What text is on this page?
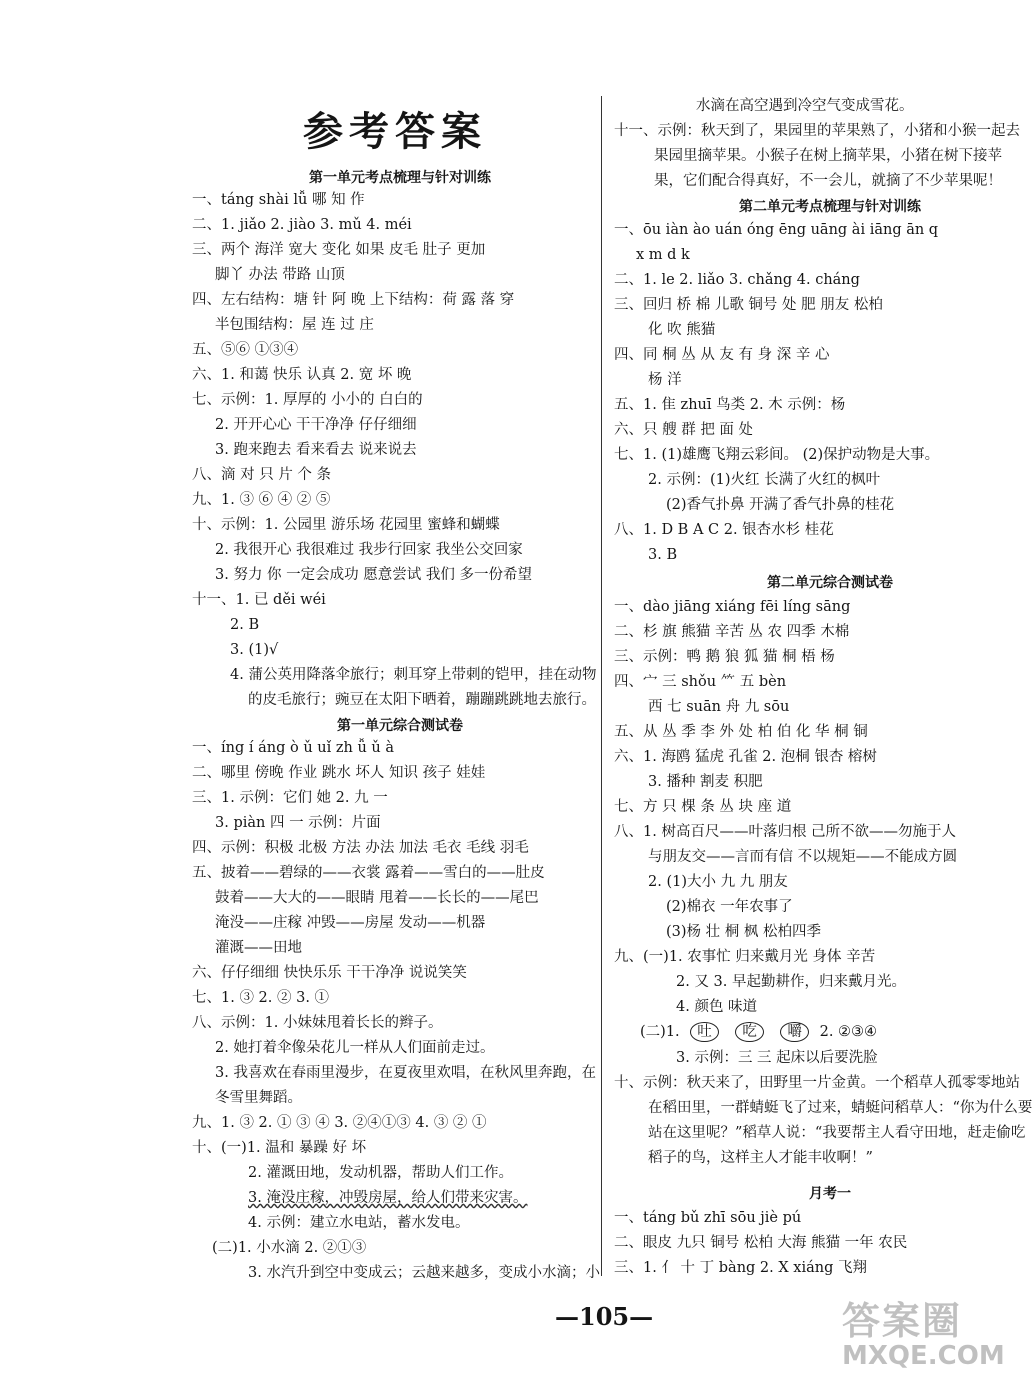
参考答案
第一单元考点梳理与针对训练
一、táng shài lǚ 哪 知 作
二、1. jiǎo 2. jiào 3. mǔ 4. méi
三、两个 海洋 宽大 变化 如果 皮毛 肚子 更加
脚丫 办法 带路 山顶
四、左右结构：塘 针 阿 晚 上下结构：荷 露 落 穿
半包围结构：屋 连 过 庄
五、⑤⑥ ①③④
六、1. 和蔼 快乐 认真 2. 宽 坏 晚
七、示例：1. 厚厚的 小小的 白白的
2. 开开心心 干干净净 仔仔细细
3. 跑来跑去 看来看去 说来说去
八、滴 对 只 片 个 条
九、1. ③ ⑥ ④ ② ⑤
十、示例：1. 公园里 游乐场 花园里 蜜蜂和蝴蝶
2. 我很开心 我很难过 我步行回家 我坐公交回家
3. 努力 你 一定会成功 愿意尝试 我们 多一份希望
十一、1. 已 děi wéi
2. B
3. (1)√
4. 蒲公英用降落伞旅行；刺耳穿上带刺的铠甲，挂在动物
的皮毛旅行；豌豆在太阳下晒着，蹦蹦跳跳地去旅行。
第一单元综合测试卷
一、íng í áng ò ǔ uǐ zh ǚ ǔ à
二、哪里 傍晚 作业 跳水 坏人 知识 孩子 娃娃
三、1. 示例：它们 她 2. 九 一
3. piàn 四 一 示例：片面
四、示例：积极 北极 方法 办法 加法 毛衣 毛线 羽毛
五、披着——碧绿的——衣裳 露着——雪白的——肚皮
鼓着——大大的——眼睛 甩着——长长的——尾巴
淹没——庄稼 冲毁——房屋 发动——机器
灌溉——田地
六、仔仔细细 快快乐乐 干干净净 说说笑笑
七、1. ③ 2. ② 3. ①
八、示例：1. 小妹妹甩着长长的辫子。
2. 她打着伞像朵花儿一样从人们面前走过。
3. 我喜欢在春雨里漫步，在夏夜里欢唱，在秋风里奔跑，在
冬雪里舞蹈。
九、1. ③ 2. ① ③ ④ 3. ②④①③ 4. ③ ② ①
十、(一)1. 温和 暴躁 好 坏
2. 灌溉田地，发动机器，帮助人们工作。
3. 淹没庄稼，冲毁房屋，给人们带来灾害。
4. 示例：建立水电站，蓄水发电。
(二)1. 小水滴 2. ②①③
3. 水汽升到空中变成云；云越来越多，变成小水滴；小
水滴在高空遇到冷空气变成雪花。
十一、示例：秋天到了，果园里的苹果熟了，小猪和小猴一起去
果园里摘苹果。小猴子在树上摘苹果，小猪在树下接苹
果，它们配合得真好，不一会儿，就摘了不少苹果呢！
第二单元考点梳理与针对训练
一、ōu iàn ào uán óng ēng uāng ài iāng ān q
x m d k
二、1. le 2. liǎo 3. chǎng 4. cháng
三、回归 桥 棉 儿歌 铜号 处 肥 朋友 松柏
化 吹 熊猫
四、同 桐 丛 从 友 有 身 深 辛 心
杨 洋
五、1. 隹 zhuī 鸟类 2. 木 示例：杨
六、只 艘 群 把 面 处
七、1. (1)雄鹰飞翔云彩间。 (2)保护动物是大事。
2. 示例：(1)火红 长满了火红的枫叶
(2)香气扑鼻 开满了香气扑鼻的桂花
八、1. D B A C 2. 银杏水杉 桂花
3. B
第二单元综合测试卷
一、dào jiāng xiáng fēi líng sāng
二、杉 旗 熊猫 辛苦 丛 农 四季 木棉
三、示例：鸭 鹅 狼 狐 猫 桐 梧 杨
四、宀 三 shǒu ⺮ 五 bèn
西 七 suān 舟 九 sōu
五、从 丛 季 李 外 处 柏 伯 化 华 桐 铜
六、1. 海鸥 猛虎 孔雀 2. 泡桐 银杏 榕树
3. 播种 割麦 积肥
七、方 只 棵 条 丛 块 座 道
八、1. 树高百尺——叶落归根 己所不欲——勿施于人
与朋友交——言而有信 不以规矩——不能成方圆
2. (1)大小 九 九 朋友
(2)棉衣 一年农事了
(3)杨 壮 桐 枫 松柏四季
九、(一)1. 农事忙 归来戴月光 身体 辛苦
2. 又 3. 早起勤耕作，归来戴月光。
4. 颜色 味道
(二)1. 吐 吃 嚼 2. ②③④
3. 示例：三 三 起床以后要洗脸
十、示例：秋天来了，田野里一片金黄。一个稻草人孤零零地站
在稻田里，一群蜻蜓飞了过来，蜻蜓问稻草人：“你为什么要
站在这里呢？”稻草人说：“我要帮主人看守田地，赶走偷吃
稻子的鸟，这样主人才能丰收啊！”
月考一
一、táng bǔ zhī sōu jiè pú
二、眼皮 九只 铜号 松柏 大海 熊猫 一年 农民
三、1. 亻 十 丁 bàng 2. X xiáng 飞翔
—105—	答案圈
MXQE.COM
